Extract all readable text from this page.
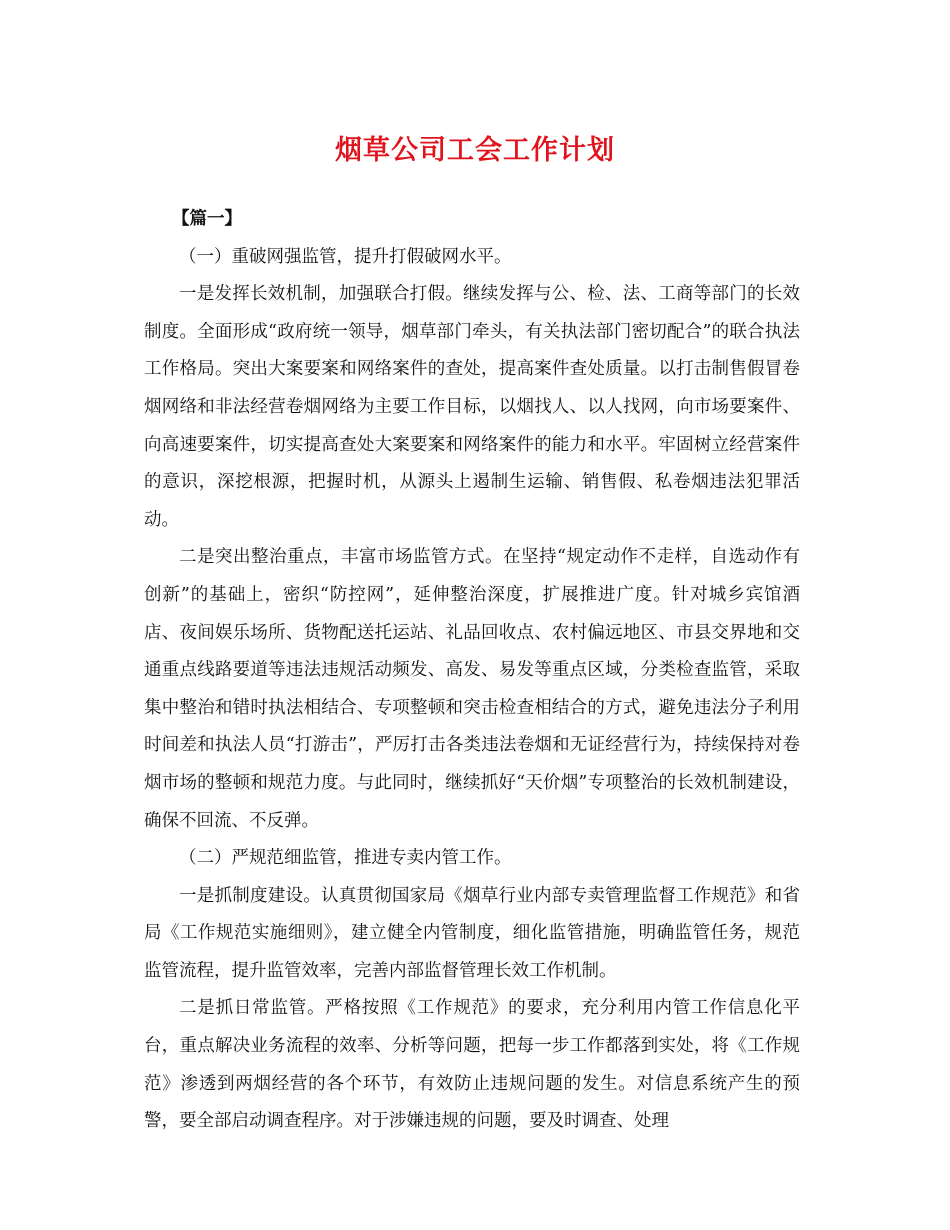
烟草公司工会工作计划

【篇一】

（一）重破网强监管，提升打假破网水平。

一是发挥长效机制，加强联合打假。继续发挥与公、检、法、工商等部门的长效制度。全面形成“政府统一领导，烟草部门牵头，有关执法部门密切配合”的联合执法工作格局。突出大案要案和网络案件的查处，提高案件查处质量。以打击制售假冒卷烟网络和非法经营卷烟网络为主要工作目标，以烟找人、以人找网，向市场要案件、向高速要案件，切实提高查处大案要案和网络案件的能力和水平。牢固树立经营案件的意识，深挖根源，把握时机，从源头上遏制生运输、销售假、私卷烟违法犯罪活动。

二是突出整治重点，丰富市场监管方式。在坚持“规定动作不走样，自选动作有创新”的基础上，密织“防控网”，延伸整治深度，扩展推进广度。针对城乡宾馆酒店、夜间娱乐场所、货物配送托运站、礼品回收点、农村偏远地区、市县交界地和交通重点线路要道等违法违规活动频发、高发、易发等重点区域，分类检查监管，采取集中整治和错时执法相结合、专项整顿和突击检查相结合的方式，避免违法分子利用时间差和执法人员“打游击”，严厉打击各类违法卷烟和无证经营行为，持续保持对卷烟市场的整顿和规范力度。与此同时，继续抓好“天价烟”专项整治的长效机制建设，确保不回流、不反弹。

（二）严规范细监管，推进专卖内管工作。

一是抓制度建设。认真贯彻国家局《烟草行业内部专卖管理监督工作规范》和省局《工作规范实施细则》，建立健全内管制度，细化监管措施，明确监管任务，规范监管流程，提升监管效率，完善内部监督管理长效工作机制。

二是抓日常监管。严格按照《工作规范》的要求，充分利用内管工作信息化平台，重点解决业务流程的效率、分析等问题，把每一步工作都落到实处，将《工作规范》渗透到两烟经营的各个环节，有效防止违规问题的发生。对信息系统产生的预警，要全部启动调查程序。对于涉嫌违规的问题，要及时调查、处理
